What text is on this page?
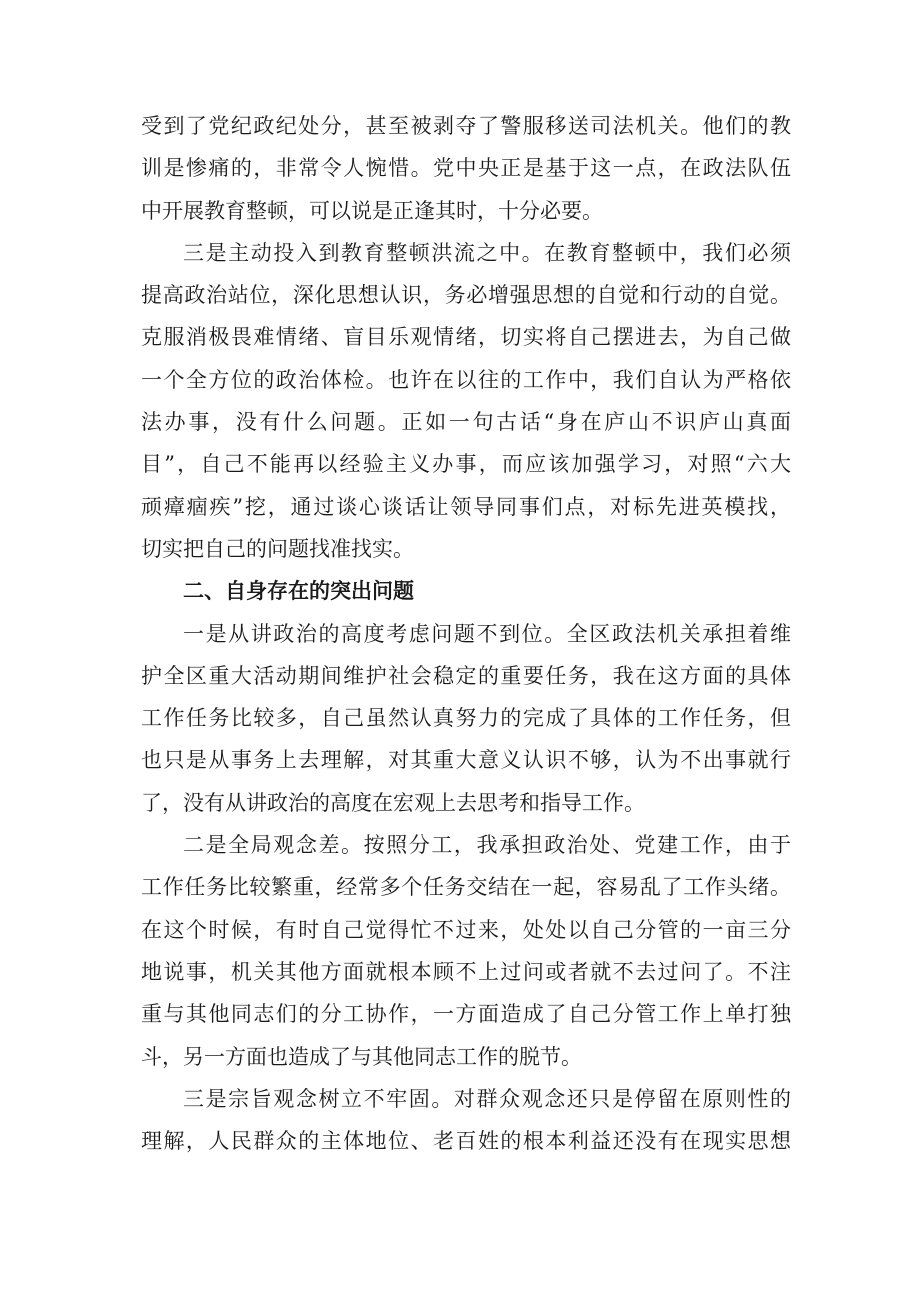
受到了党纪政纪处分，甚至被剥夺了警服移送司法机关。他们的教
训是惨痛的，非常令人惋惜。党中央正是基于这一点，在政法队伍
中开展教育整顿，可以说是正逢其时，十分必要。
三是主动投入到教育整顿洪流之中。在教育整顿中，我们必须
提高政治站位，深化思想认识，务必增强思想的自觉和行动的自觉。
克服消极畏难情绪、盲目乐观情绪，切实将自己摆进去，为自己做
一个全方位的政治体检。也许在以往的工作中，我们自认为严格依
法办事，没有什么问题。正如一句古话“身在庐山不识庐山真面
目”，自己不能再以经验主义办事，而应该加强学习，对照“六大
顽瘴痼疾”挖，通过谈心谈话让领导同事们点，对标先进英模找，
切实把自己的问题找准找实。
二、自身存在的突出问题
一是从讲政治的高度考虑问题不到位。全区政法机关承担着维
护全区重大活动期间维护社会稳定的重要任务，我在这方面的具体
工作任务比较多，自己虽然认真努力的完成了具体的工作任务，但
也只是从事务上去理解，对其重大意义认识不够，认为不出事就行
了，没有从讲政治的高度在宏观上去思考和指导工作。
二是全局观念差。按照分工，我承担政治处、党建工作，由于
工作任务比较繁重，经常多个任务交结在一起，容易乱了工作头绪。
在这个时候，有时自己觉得忙不过来，处处以自己分管的一亩三分
地说事，机关其他方面就根本顾不上过问或者就不去过问了。不注
重与其他同志们的分工协作，一方面造成了自己分管工作上单打独
斗，另一方面也造成了与其他同志工作的脱节。
三是宗旨观念树立不牢固。对群众观念还只是停留在原则性的
理解，人民群众的主体地位、老百姓的根本利益还没有在现实思想
